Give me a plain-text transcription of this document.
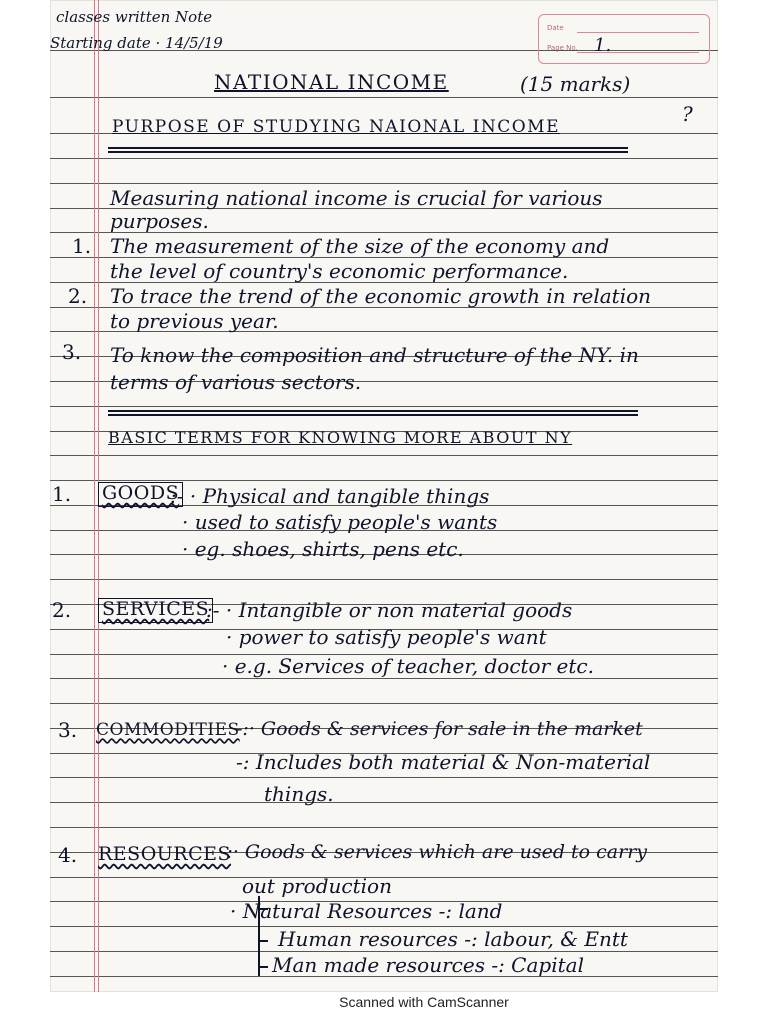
Date
Page No. 1.
classes written Note
Starting date · 14/5/19
NATIONAL INCOME	(15 marks)
?
PURPOSE OF STUDYING NAIONAL INCOME
Measuring national income is crucial for various
purposes.
1. The measurement of the size of the economy and
the level of country's economic performance.
2. To trace the trend of the economic growth in relation
to previous year.
3. To know the composition and structure of the NY. in
terms of various sectors.
BASIC TERMS FOR KNOWING MORE ABOUT NY
1. GOODS
:- · Physical and tangible things
· used to satisfy people's wants
· eg. shoes, shirts, pens etc.
2. SERVICES
:- · Intangible or non material goods
· power to satisfy people's want
· e.g. Services of teacher, doctor etc.
3. COMMODITIES
-:· Goods & services for sale in the market
-: Includes both material & Non-material
things.
4. RESOURCES
-:· Goods & services which are used to carry
out production
· Natural Resources -: land
Human resources -: labour, & Entt
Man made resources -: Capital
Scanned with CamScanner
